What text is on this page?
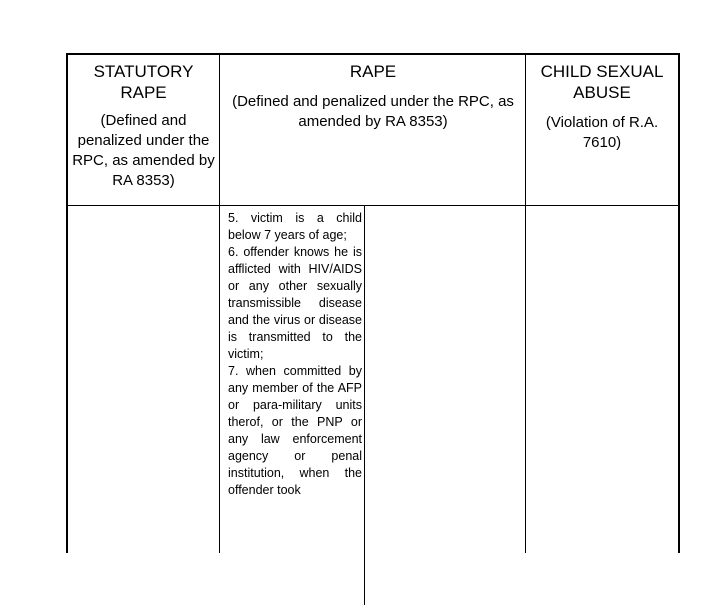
STATUTORY RAPE
(Defined and penalized under the RPC, as amended by RA 8353)
RAPE
(Defined and penalized under the RPC, as amended by RA 8353)
CHILD SEXUAL ABUSE
(Violation of R.A. 7610)

5. victim is a child below 7 years of age;

6. offender knows he is afflicted with HIV/AIDS or any other sexually transmissible disease and the virus or disease is transmitted to the victim;

7. when committed by any member of the AFP or para-military units therof, or the PNP or any law enforcement agency or penal institution, when the offender took
